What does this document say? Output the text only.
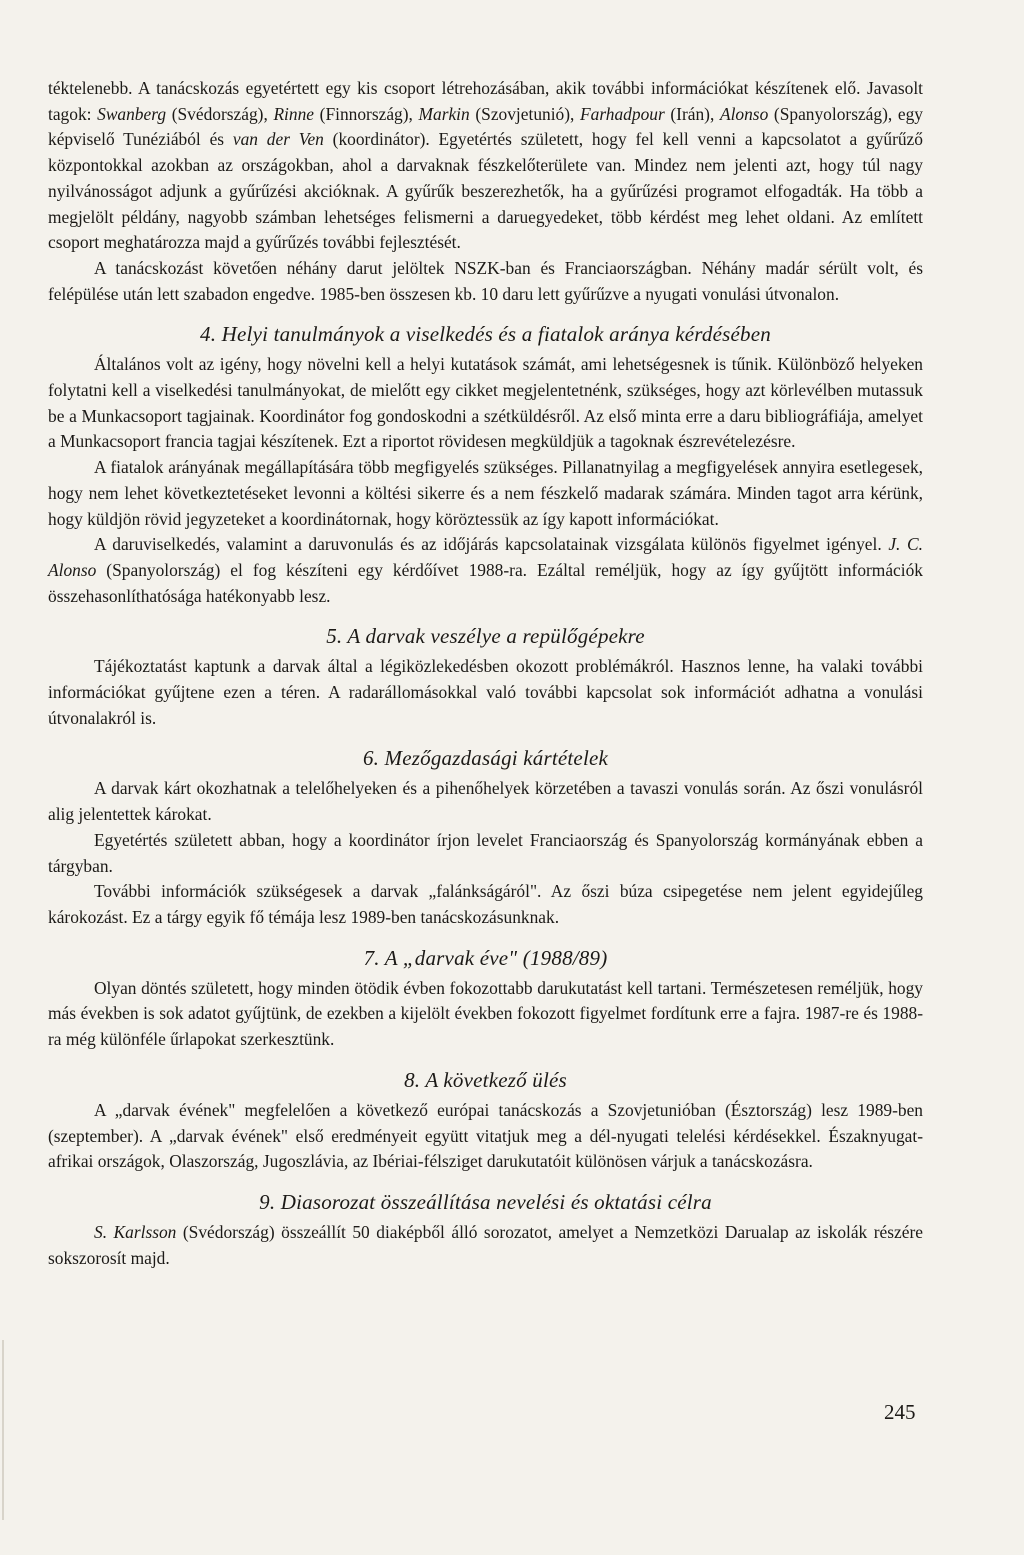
téktelenebb. A tanácskozás egyetértett egy kis csoport létrehozásában, akik további információkat készítenek elő. Javasolt tagok: Swanberg (Svédország), Rinne (Finnország), Markin (Szovjetunió), Farhadpour (Irán), Alonso (Spanyolország), egy képviselő Tunéziából és van der Ven (koordinátor). Egyetértés született, hogy fel kell venni a kapcsolatot a gyűrűző központokkal azokban az országokban, ahol a darvaknak fészkelőterülete van. Mindez nem jelenti azt, hogy túl nagy nyilvánosságot adjunk a gyűrűzési akcióknak. A gyűrűk beszerezhetők, ha a gyűrűzési programot elfogadták. Ha több a megjelölt példány, nagyobb számban lehetséges felismerni a daruegyedeket, több kérdést meg lehet oldani. Az említett csoport meghatározza majd a gyűrűzés további fejlesztését.

A tanácskozást követően néhány darut jelöltek NSZK-ban és Franciaországban. Néhány madár sérült volt, és felépülése után lett szabadon engedve. 1985-ben összesen kb. 10 daru lett gyűrűzve a nyugati vonulási útvonalon.

4. Helyi tanulmányok a viselkedés és a fiatalok aránya kérdésében

Általános volt az igény, hogy növelni kell a helyi kutatások számát, ami lehetségesnek is tűnik. Különböző helyeken folytatni kell a viselkedési tanulmányokat, de mielőtt egy cikket megjelentetnénk, szükséges, hogy azt körlevélben mutassuk be a Munkacsoport tagjainak. Koordinátor fog gondoskodni a szétküldésről. Az első minta erre a daru bibliográfiája, amelyet a Munkacsoport francia tagjai készítenek. Ezt a riportot rövidesen megküldjük a tagoknak észrevételezésre.

A fiatalok arányának megállapítására több megfigyelés szükséges. Pillanatnyilag a megfigyelések annyira esetlegesek, hogy nem lehet következtetéseket levonni a költési sikerre és a nem fészkelő madarak számára. Minden tagot arra kérünk, hogy küldjön rövid jegyzeteket a koordinátornak, hogy köröztessük az így kapott információkat.

A daruviselkedés, valamint a daruvonulás és az időjárás kapcsolatainak vizsgálata különös figyelmet igényel. J. C. Alonso (Spanyolország) el fog készíteni egy kérdőívet 1988-ra. Ezáltal reméljük, hogy az így gyűjtött információk összehasonlíthatósága hatékonyabb lesz.

5. A darvak veszélye a repülőgépekre

Tájékoztatást kaptunk a darvak által a légiközlekedésben okozott problémákról. Hasznos lenne, ha valaki további információkat gyűjtene ezen a téren. A radarállomásokkal való további kapcsolat sok információt adhatna a vonulási útvonalakról is.

6. Mezőgazdasági kártételek

A darvak kárt okozhatnak a telelőhelyeken és a pihenőhelyek körzetében a tavaszi vonulás során. Az őszi vonulásról alig jelentettek károkat.

Egyetértés született abban, hogy a koordinátor írjon levelet Franciaország és Spanyolország kormányának ebben a tárgyban.

További információk szükségesek a darvak „falánkságáról". Az őszi búza csipegetése nem jelent egyidejűleg károkozást. Ez a tárgy egyik fő témája lesz 1989-ben tanácskozásunknak.

7. A „darvak éve" (1988/89)

Olyan döntés született, hogy minden ötödik évben fokozottabb darukutatást kell tartani. Természetesen reméljük, hogy más években is sok adatot gyűjtünk, de ezekben a kijelölt években fokozott figyelmet fordítunk erre a fajra. 1987-re és 1988-ra még különféle űrlapokat szerkesztünk.

8. A következő ülés

A „darvak évének" megfelelően a következő európai tanácskozás a Szovjetunióban (Észtország) lesz 1989-ben (szeptember). A „darvak évének" első eredményeit együtt vitatjuk meg a dél-nyugati telelési kérdésekkel. Északnyugat-afrikai országok, Olaszország, Jugoszlávia, az Ibériai-félsziget darukutatóit különösen várjuk a tanácskozásra.

9. Diasorozat összeállítása nevelési és oktatási célra

S. Karlsson (Svédország) összeállít 50 diaképből álló sorozatot, amelyet a Nemzetközi Darualap az iskolák részére sokszorosít majd.

245
